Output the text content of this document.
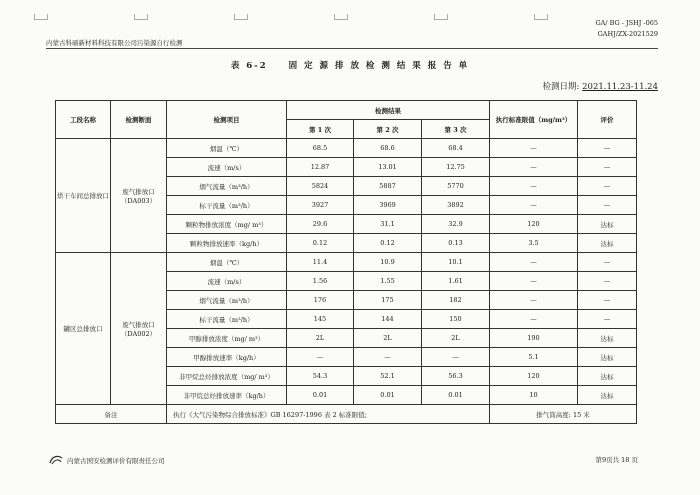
GA/ BG - JSHJ -065
GAHJ/ZX-2021529
内蒙古科硕新材料科技有限公司污染源自行检测
表 6-2 固 定 源 排 放 检 测 结 果 报 告 单
检测日期: 2021.11.23-11.24
工段名称	检测断面	检测项目	检测结果			执行标准限值（mg/m³）	评价
			第 1 次	第 2 次	第 3 次		
烘干车间总排放口	废气排放口（DA003）	烟温（℃）	68.5	68.6	68.4	—	—
		流速（m/s）	12.87	13.01	12.75	—	—
		烟气流量（m³/h）	5824	5887	5770	—	—
		标干流量（m³/h）	3927	3969	3892	—	—
		颗粒物排放浓度（mg/ m³）	29.6	31.1	32.9	120	达标
		颗粒物排放速率（kg/h）	0.12	0.12	0.13	3.5	达标
罐区总排放口	废气排放口（DA002）	烟温（℃）	11.4	10.9	10.1	—	—
		流速（m/s）	1.56	1.55	1.61	—	—
		烟气流量（m³/h）	176	175	182	—	—
		标干流量（m³/h）	145	144	150	—	—
		甲醇排放浓度（mg/ m³）	2L	2L	2L	190	达标
		甲醇排放速率（kg/h）	—	—	—	5.1	达标
		非甲烷总烃排放浓度（mg/ m³）	54.3	52.1	56.3	120	达标
		非甲烷总烃排放速率（kg/h）	0.01	0.01	0.01	10	达标
备注		执行《大气污染物综合排放标准》GB 16297-1996 表 2 标准限值;				排气筒高度: 15 米	
内蒙古国安检测评价有限责任公司	第9页共 18 页
